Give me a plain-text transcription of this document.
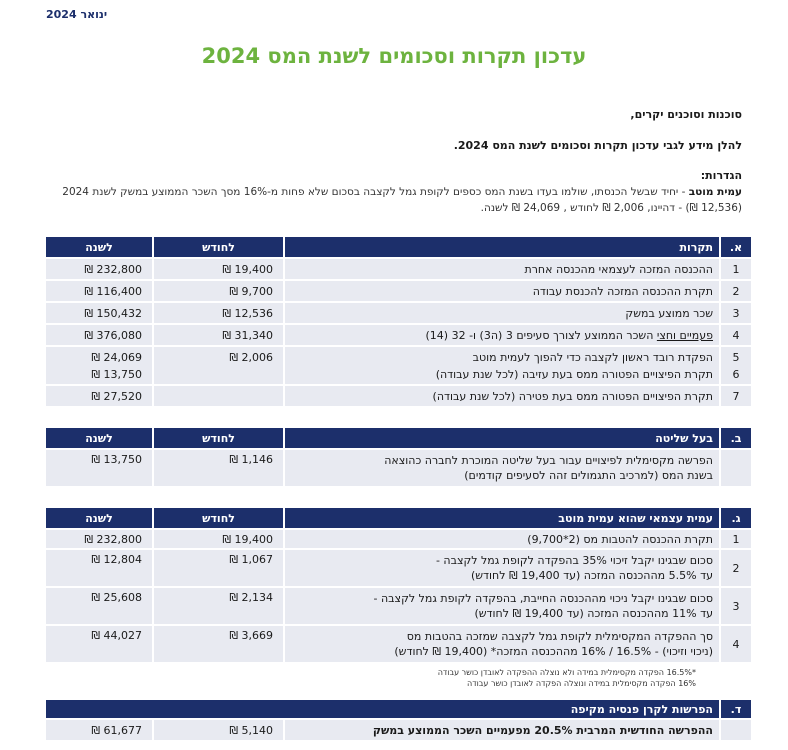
ינואר 2024
עדכון תקרות וסכומים לשנת המס 2024
סוכנות וסוכנים יקרים,
להלן מידע לגבי עדכון תקרות וסכומים לשנת המס 2024.
הגדרות:
עמית מוטב - יחיד שבשל הכנסתו, שולמו בעדו בשנת המס כספים לקופת גמל לקצבה בסכום שלא פחות מ-16% מסך השכר הממוצע במשק לשנת 2024 (12,536 ₪) - דהיינו, 2,006 ₪ לחודש , 24,069 ₪ לשנה.
א.
תקרות
לחודש
לשנה
1
ההכנסה המזכה לעצמאי מהכנסה אחרת
19,400 ₪
232,800 ₪
2
תקרת ההכנסה המזכה להכנסת עבודה
9,700 ₪
116,400 ₪
3
שכר ממוצע במשק
12,536 ₪
150,432 ₪
4
פעמיים וחצי השכר הממוצע לצורך סעיפים 3 (ה3) ו- 32 (14)
31,340 ₪
376,080 ₪
5
הפקדת רובד ראשון לקצבה כדי להפוך לעמית מוטב
2,006 ₪
24,069 ₪
6
תקרת הפיצויים הפטורה ממס בעת עזיבה (לכל שנת עבודה)
13,750 ₪
7
תקרת הפיצויים הפטורה ממס בעת פטירה (לכל שנת עבודה)
27,520 ₪
ב.
בעל שליטה
לחודש
לשנה
הפרשה מקסימלית לפיצויים עבור בעל שליטה המוכרת לחברה כהוצאה
בשנת המס (למרכיב התגמולים זהה לסעיפים קודמים)
1,146 ₪
13,750 ₪
ג.
עמית עצמאי שהוא עמית מוטב
לחודש
לשנה
1
תקרת ההכנסה להטבות מס (2*9,700)
19,400 ₪
232,800 ₪
2
סכום שבגינו יקבל זיכוי 35% בהפקדה לקופת גמל לקצבה -
עד 5.5% מההכנסה המזכה (עד 19,400 ₪ לחודש)
1,067 ₪
12,804 ₪
3
סכום שבגינו יקבל ניכוי מההכנסה החייבת, בהפקדה לקופת גמל לקצבה -
עד 11% מההכנסה המזכה (עד 19,400 ₪ לחודש)
2,134 ₪
25,608 ₪
4
סך ההפקדה המקסימלית לקופת גמל לקצבה שמזכה בהטבות מס
(ניכוי וזיכוי) - 16.5% / 16% מההכנסה המזכה* (19,400 ₪ לחודש)
3,669 ₪
44,027 ₪
*16.5% הפקדה מקסימלית במידה ולא נוצלה ההפקדה לאובדן כושר עבודה
16% הפקדה מקסימלית במידה ונוצלה הפקדה לאובדן כושר עבודה
ד.
הפרשות לקרן פנסיה מקיפה
ההפרשה החודשית המרבית 20.5% מפעמיים השכר הממוצע במשק
5,140 ₪
61,677 ₪
